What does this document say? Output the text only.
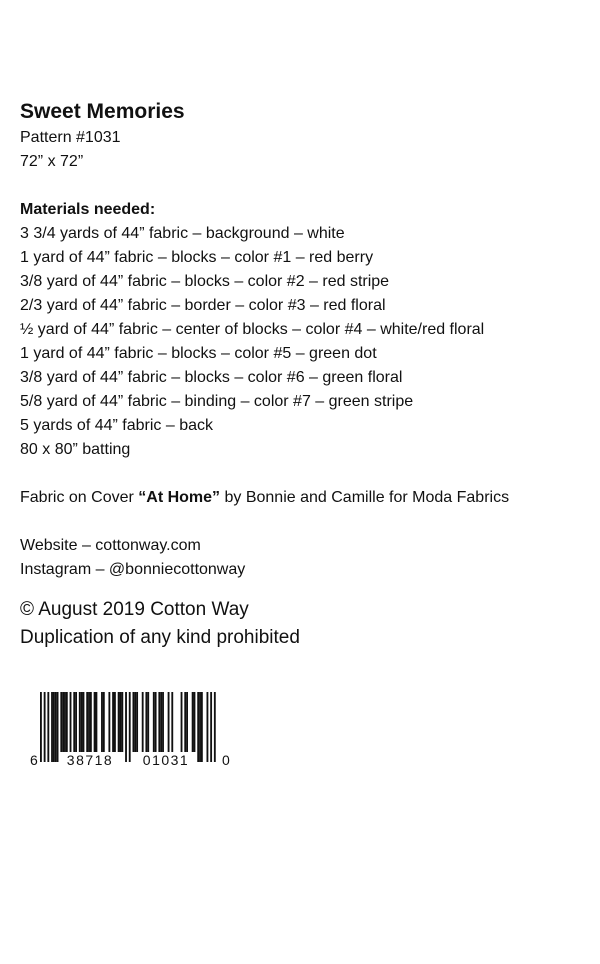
Sweet Memories
Pattern #1031
72” x 72”
Materials needed:
3 3/4 yards of 44” fabric – background – white
1 yard of 44” fabric – blocks – color #1 – red berry
3/8 yard of 44” fabric – blocks – color #2 – red stripe
2/3 yard of 44” fabric – border – color #3 – red floral
½ yard of 44” fabric – center of blocks – color #4 – white/red floral
1 yard of 44” fabric – blocks – color #5 – green dot
3/8 yard of 44” fabric – blocks – color #6 – green floral
5/8 yard of 44” fabric – binding – color #7 – green stripe
5 yards of 44” fabric – back
80 x 80” batting
Fabric on Cover “At Home” by Bonnie and Camille for Moda Fabrics
Website – cottonway.com
Instagram – @bonniecottonway
© August 2019 Cotton Way
Duplication of any kind prohibited
6 38718 01031 0
